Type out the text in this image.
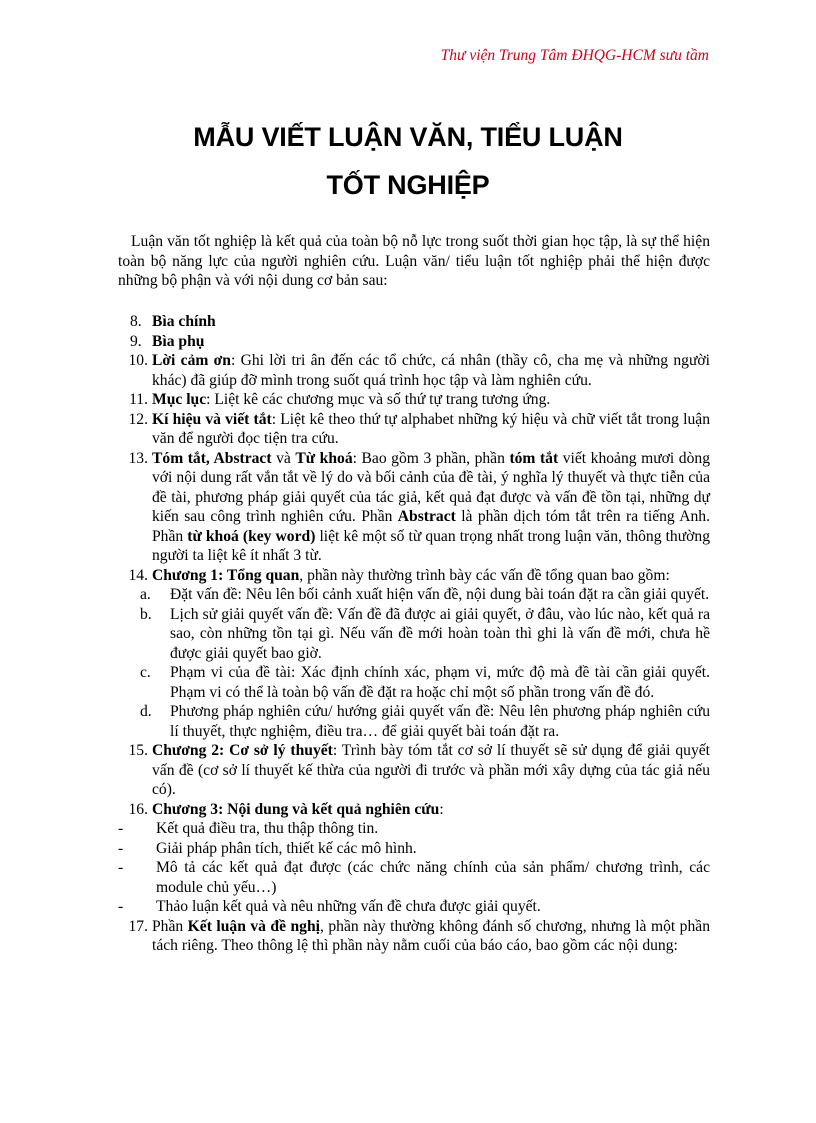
Thư viện Trung Tâm ĐHQG-HCM sưu tầm
MẪU VIẾT LUẬN VĂN, TIỂU LUẬN
TỐT NGHIỆP
Luận văn tốt nghiệp là kết quả của toàn bộ nỗ lực trong suốt thời gian học tập, là sự thể hiện toàn bộ năng lực của người nghiên cứu. Luận văn/ tiểu luận tốt nghiệp phải thể hiện được những bộ phận và với nội dung cơ bản sau:
8. Bìa chính
9. Bìa phụ
10. Lời cảm ơn: Ghi lời tri ân đến các tổ chức, cá nhân (thầy cô, cha mẹ và những người khác) đã giúp đỡ mình trong suốt quá trình học tập và làm nghiên cứu.
11. Mục lục: Liệt kê các chương mục và số thứ tự trang tương ứng.
12. Kí hiệu và viết tắt: Liệt kê theo thứ tự alphabet những ký hiệu và chữ viết tắt trong luận văn để người đọc tiện tra cứu.
13. Tóm tắt, Abstract và Từ khoá: Bao gồm 3 phần, phần tóm tắt viết khoảng mươi dòng với nội dung rất vắn tắt về lý do và bối cảnh của đề tài, ý nghĩa lý thuyết và thực tiễn của đề tài, phương pháp giải quyết của tác giả, kết quả đạt được và vấn đề tồn tại, những dự kiến sau công trình nghiên cứu. Phần Abstract là phần dịch tóm tắt trên ra tiếng Anh. Phần từ khoá (key word) liệt kê một số từ quan trọng nhất trong luận văn, thông thường người ta liệt kê ít nhất 3 từ.
14. Chương 1: Tổng quan, phần này thường trình bày các vấn đề tổng quan bao gồm:
a. Đặt vấn đề: Nêu lên bối cảnh xuất hiện vấn đề, nội dung bài toán đặt ra cần giải quyết.
b. Lịch sử giải quyết vấn đề: Vấn đề đã được ai giải quyết, ở đâu, vào lúc nào, kết quả ra sao, còn những tồn tại gì. Nếu vấn đề mới hoàn toàn thì ghi là vấn đề mới, chưa hề được giải quyết bao giờ.
c. Phạm vi của đề tài: Xác định chính xác, phạm vi, mức độ mà đề tài cần giải quyết. Phạm vi có thể là toàn bộ vấn đề đặt ra hoặc chỉ một số phần trong vấn đề đó.
d. Phương pháp nghiên cứu/ hướng giải quyết vấn đề: Nêu lên phương pháp nghiên cứu lí thuyết, thực nghiệm, điều tra… để giải quyết bài toán đặt ra.
15. Chương 2: Cơ sở lý thuyết: Trình bày tóm tắt cơ sở lí thuyết sẽ sử dụng để giải quyết vấn đề (cơ sở lí thuyết kế thừa của người đi trước và phần mới xây dựng của tác giả nếu có).
16. Chương 3: Nội dung và kết quả nghiên cứu:
- Kết quả điều tra, thu thập thông tin.
- Giải pháp phân tích, thiết kế các mô hình.
- Mô tả các kết quả đạt được (các chức năng chính của sản phẩm/ chương trình, các module chủ yếu…)
- Thảo luận kết quả và nêu những vấn đề chưa được giải quyết.
17. Phần Kết luận và đề nghị, phần này thường không đánh số chương, nhưng là một phần tách riêng. Theo thông lệ thì phần này nằm cuối của báo cáo, bao gồm các nội dung:
